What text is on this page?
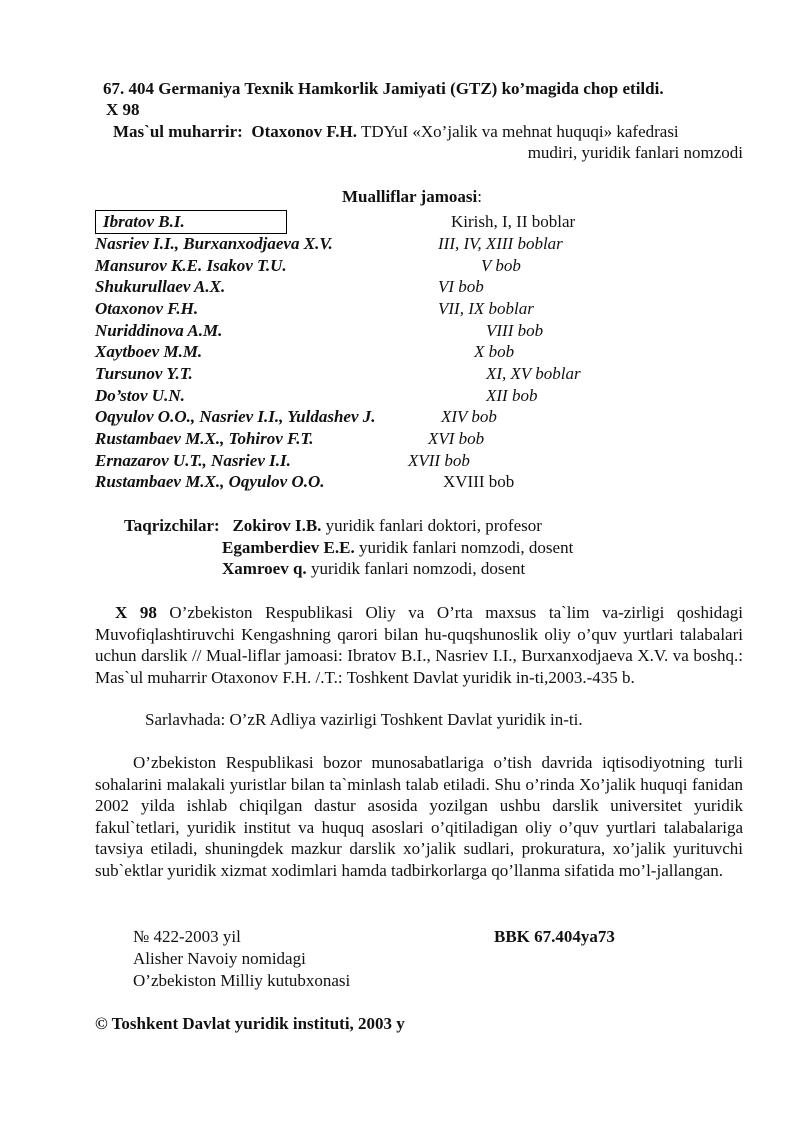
67. 404 Germaniya Texnik Hamkorlik Jamiyati (GTZ) ko’magida chop etildi.
X 98
Mas`ul muharrir: Otaxonov F.H. TDYuI «Xo’jalik va mehnat huquqi» kafedrasi
mudiri, yuridik fanlari nomzodi
Mualliflar jamoasi:
Ibratov B.I.	Kirish, I, II boblar
Nasriev I.I., Burxanxodjaeva X.V.	III, IV, XIII boblar
Mansurov K.E. Isakov T.U.	V bob
Shukurullaev A.X.	VI bob
Otaxonov F.H.	VII, IX boblar
Nuriddinova A.M.	VIII bob
Xaytboev M.M.	X bob
Tursunov Y.T.	XI, XV boblar
Do’stov U.N.	XII bob
Oqyulov O.O., Nasriev I.I., Yuldashev J.	XIV bob
Rustambaev M.X., Tohirov F.T.	XVI bob
Ernazarov U.T., Nasriev I.I.	XVII bob
Rustambaev M.X., Oqyulov O.O.	XVIII bob
Taqrizchilar: Zokirov I.B. yuridik fanlari doktori, profesor
Egamberdiev E.E. yuridik fanlari nomzodi, dosent
Xamroev q. yuridik fanlari nomzodi, dosent
X 98 O’zbekiston Respublikasi Oliy va O’rta maxsus ta`lim va-zirligi qoshidagi Muvofiqlashtiruvchi Kengashning qarori bilan hu-quqshunoslik oliy o’quv yurtlari talabalari uchun darslik // Mual-liflar jamoasi: Ibratov B.I., Nasriev I.I., Burxanxodjaeva X.V. va boshq.: Mas`ul muharrir Otaxonov F.H. /.T.: Toshkent Davlat yuridik in-ti,2003.-435 b.
Sarlavhada: O’zR Adliya vazirligi Toshkent Davlat yuridik in-ti.
O’zbekiston Respublikasi bozor munosabatlariga o’tish davrida iqtisodiyotning turli sohalarini malakali yuristlar bilan ta`minlash talab etiladi. Shu o’rinda Xo’jalik huquqi fanidan 2002 yilda ishlab chiqilgan dastur asosida yozilgan ushbu darslik universitet yuridik fakul`tetlari, yuridik institut va huquq asoslari o’qitiladigan oliy o’quv yurtlari talabalariga tavsiya etiladi, shuningdek mazkur darslik xo’jalik sudlari, prokuratura, xo’jalik yurituvchi sub`ektlar yuridik xizmat xodimlari hamda tadbirkorlarga qo’llanma sifatida mo’l-jallangan.
№ 422-2003 yil	BBK 67.404ya73
Alisher Navoiy nomidagi
O’zbekiston Milliy kutubxonasi
© Toshkent Davlat yuridik instituti, 2003 y
